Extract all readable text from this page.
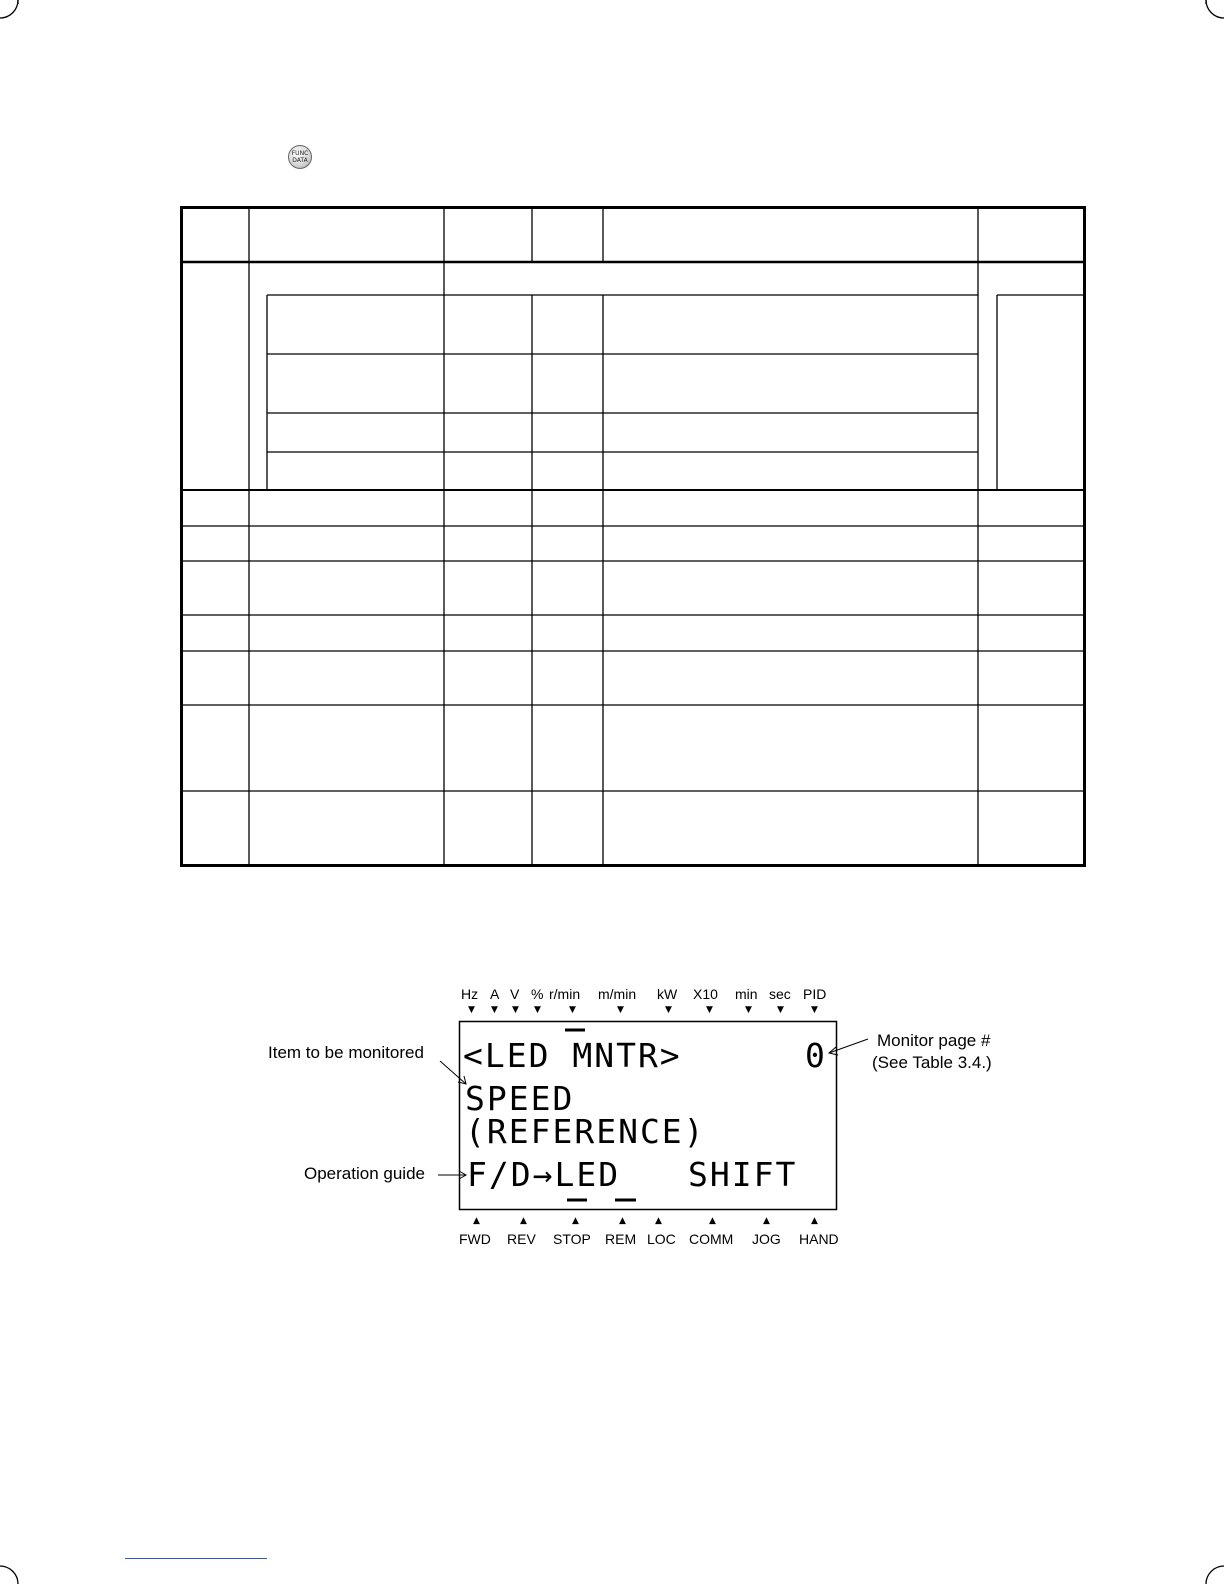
FUNC
DATA
Hz A V % r/min m/min kW X10 min sec PID
▼ ▼ ▼ ▼	▼	▼	▼	▼	▼	▼	▼
<LED MNTR>	0
SPEED
(REFERENCE)
F/D→LED SHIFT
▲	▲	▲	▲	▲	▲	▲	▲
FWD REV STOP REM LOC COMM JOG HAND
Item to be monitored
Operation guide
Monitor page #
(See Table 3.4.)
